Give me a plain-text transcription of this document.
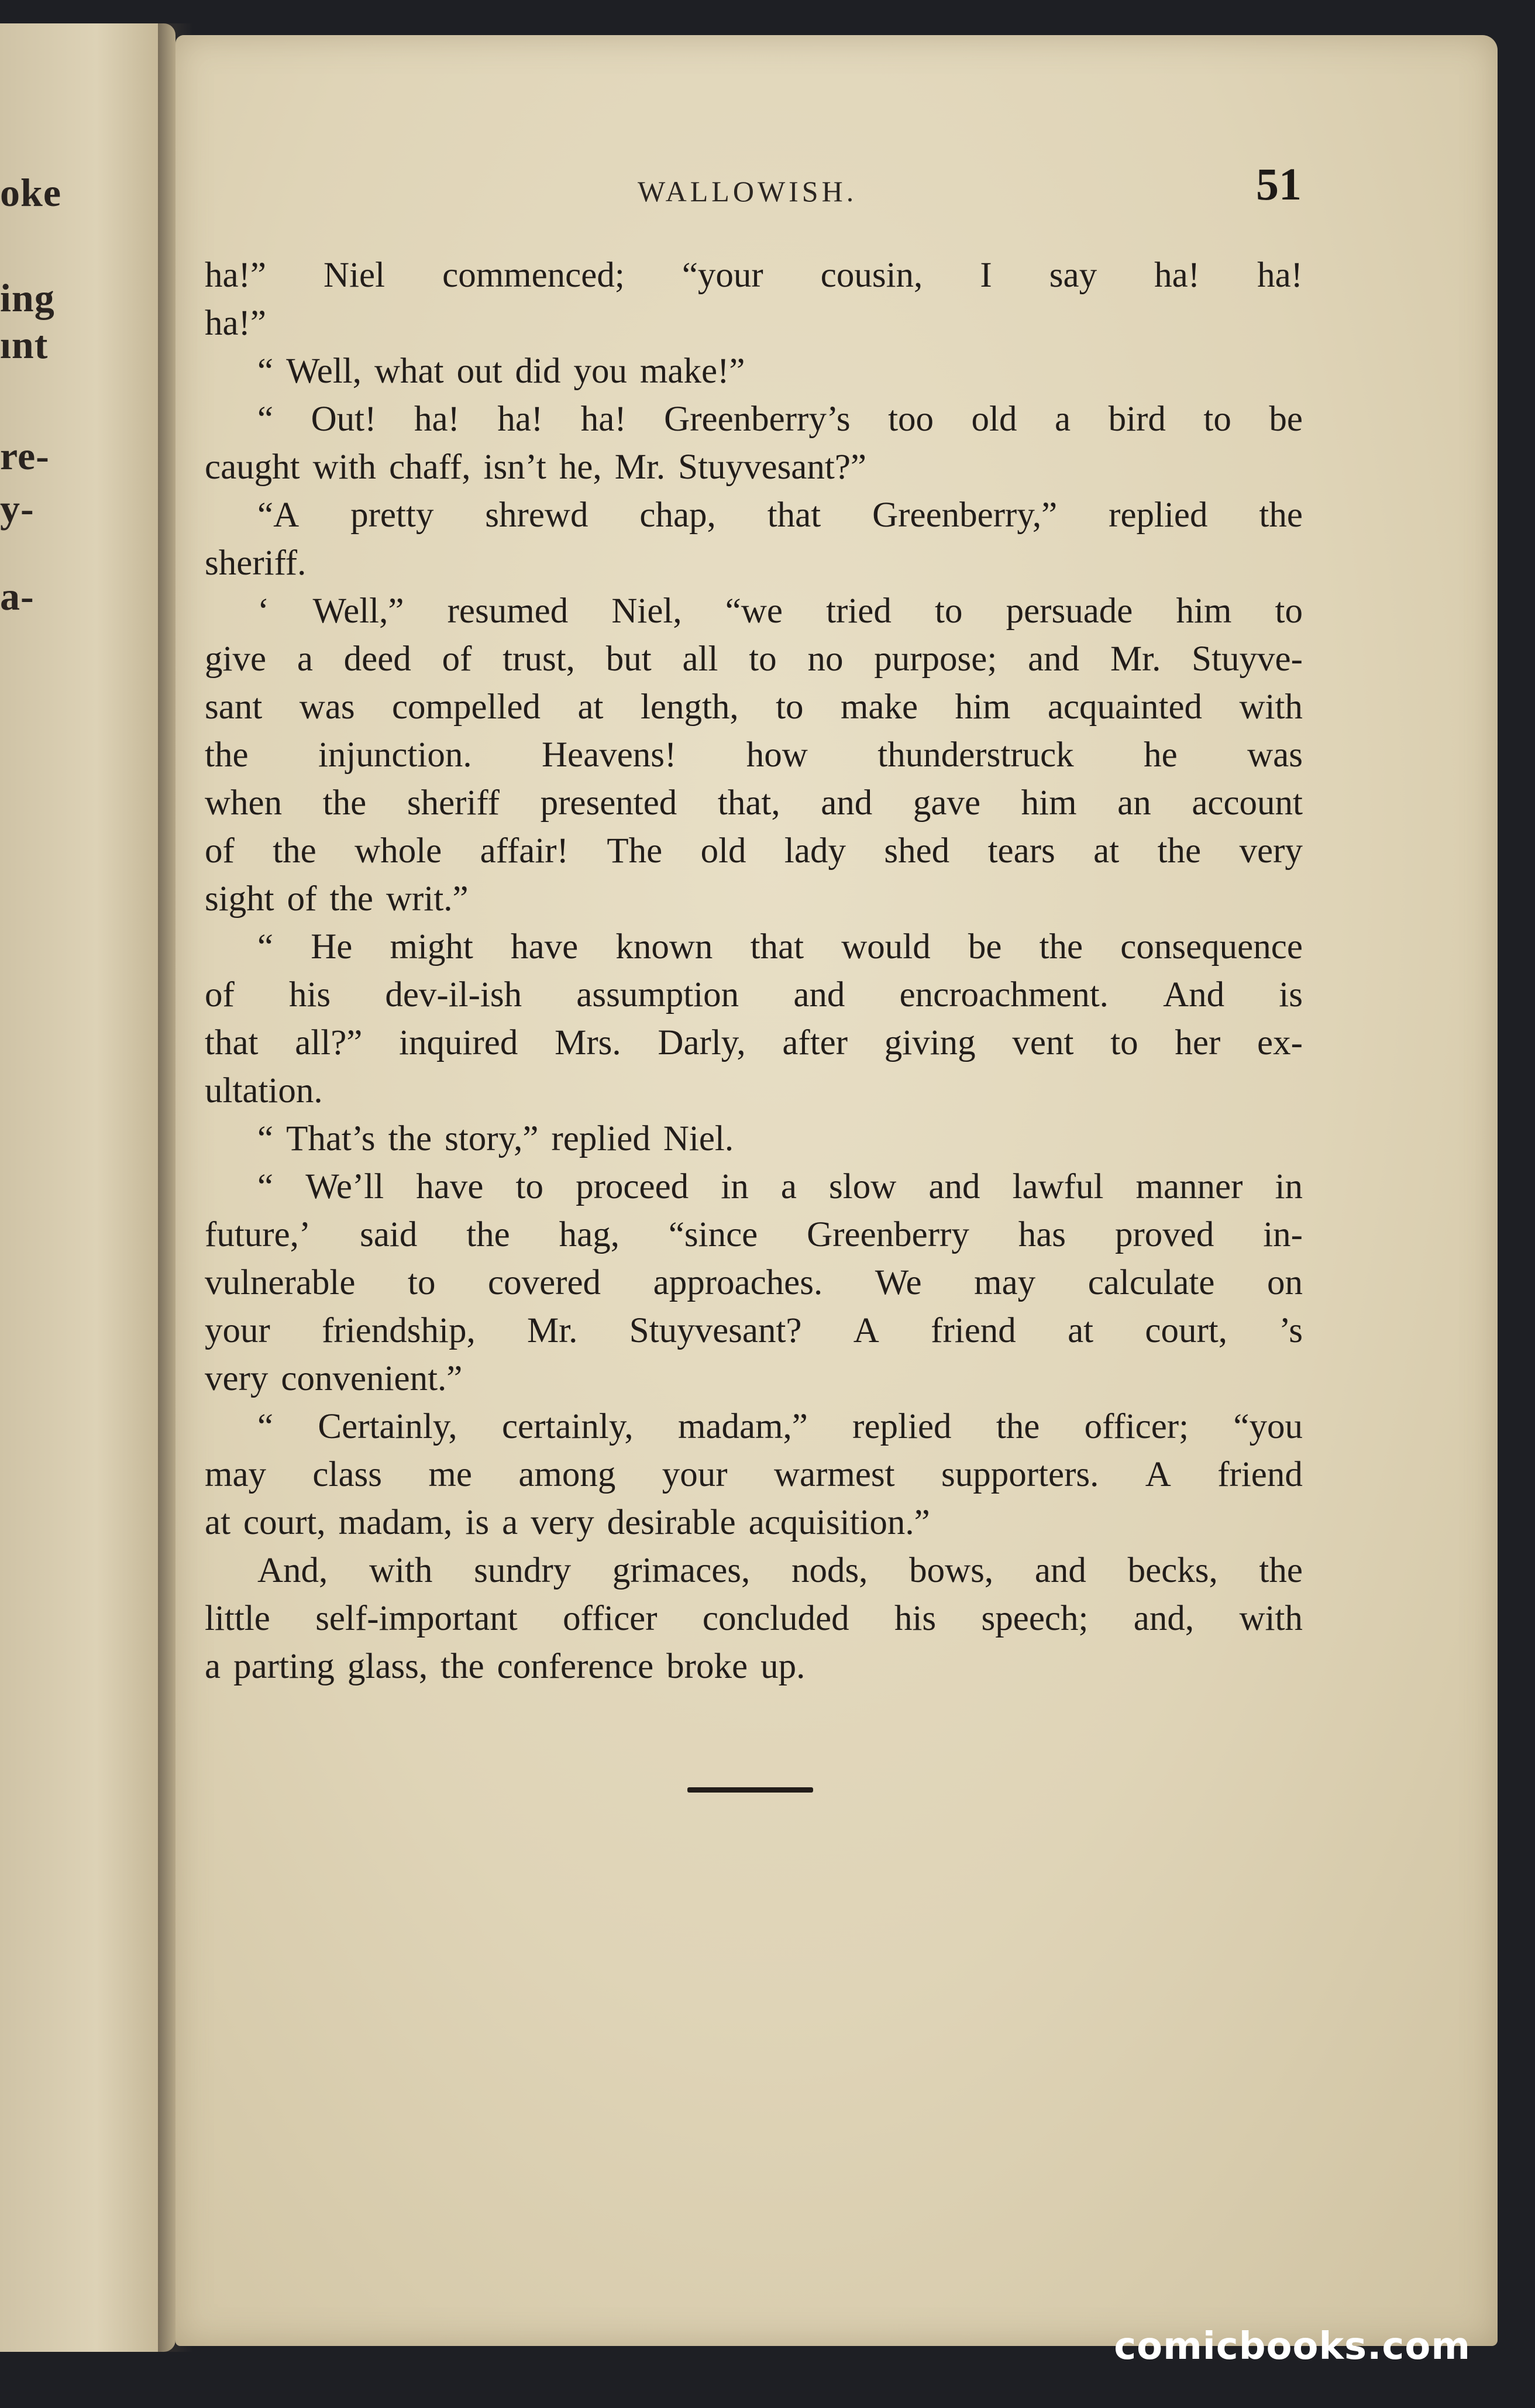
oke
ing
ınt
re-
y-
a-
WALLOWISH.	51
ha!” Niel commenced; “your cousin, I say ha! ha!
ha!”
“ Well, what out did you make!”
“ Out! ha! ha! ha! Greenberry’s too old a bird to be
caught with chaff, isn’t he, Mr. Stuyvesant?”
“A pretty shrewd chap, that Greenberry,” replied the
sheriff.
‘ Well,” resumed Niel, “we tried to persuade him to
give a deed of trust, but all to no purpose; and Mr. Stuyve-
sant was compelled at length, to make him acquainted with
the injunction. Heavens! how thunderstruck he was
when the sheriff presented that, and gave him an account
of the whole affair! The old lady shed tears at the very
sight of the writ.”
“ He might have known that would be the consequence
of his dev-il-ish assumption and encroachment. And is
that all?” inquired Mrs. Darly, after giving vent to her ex-
ultation.
“ That’s the story,” replied Niel.
“ We’ll have to proceed in a slow and lawful manner in
future,’ said the hag, “since Greenberry has proved in-
vulnerable to covered approaches. We may calculate on
your friendship, Mr. Stuyvesant? A friend at court, ’s
very convenient.”
“ Certainly, certainly, madam,” replied the officer; “you
may class me among your warmest supporters. A friend
at court, madam, is a very desirable acquisition.”
And, with sundry grimaces, nods, bows, and becks, the
little self-important officer concluded his speech; and, with
a parting glass, the conference broke up.
comicbooks.com
